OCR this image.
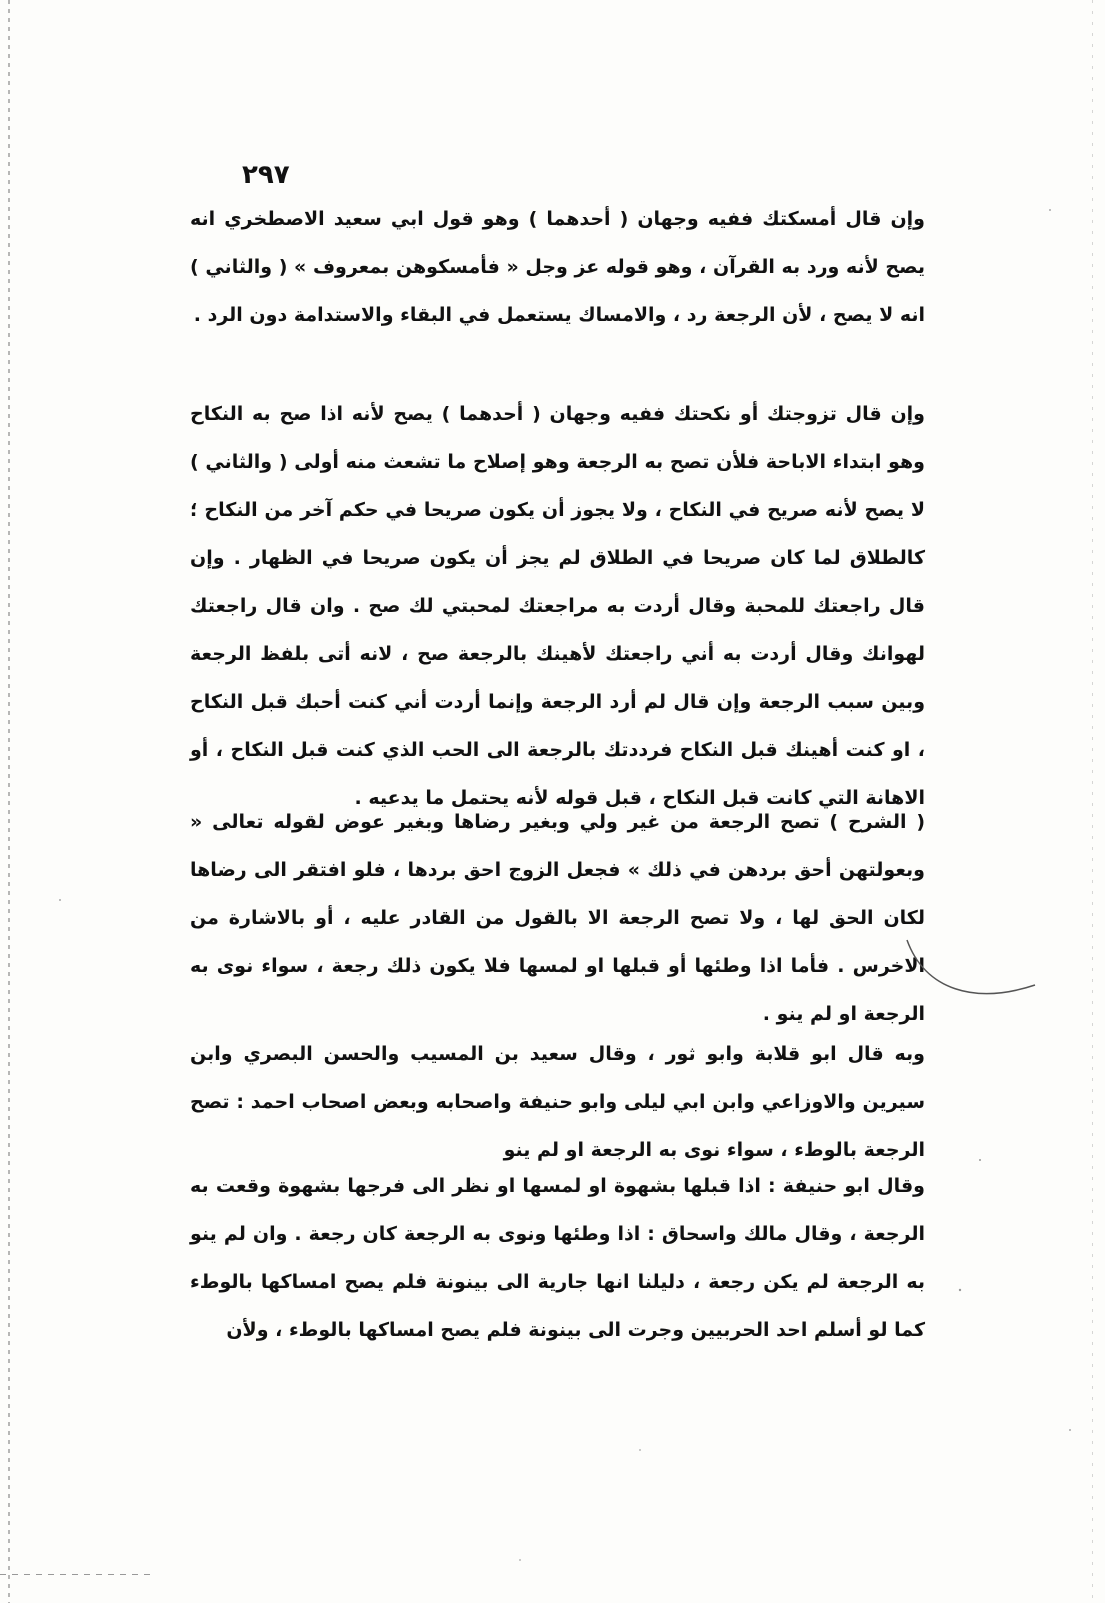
٢٩٧

وإن قال أمسكتك ففيه وجهان ( أحدهما ) وهو قول ابي سعيد الاصطخري انه يصح لأنه ورد به القرآن ، وهو قوله عز وجل « فأمسكوهن بمعروف » ( والثاني ) انه لا يصح ، لأن الرجعة رد ، والامساك يستعمل في البقاء والاستدامة دون الرد .

وإن قال تزوجتك أو نكحتك ففيه وجهان ( أحدهما ) يصح لأنه اذا صح به النكاح وهو ابتداء الاباحة فلأن تصح به الرجعة وهو إصلاح ما تشعث منه أولى ( والثاني ) لا يصح لأنه صريح في النكاح ، ولا يجوز أن يكون صريحا في حكم آخر من النكاح ؛ كالطلاق لما كان صريحا في الطلاق لم يجز أن يكون صريحا في الظهار . وإن قال راجعتك للمحبة وقال أردت به مراجعتك لمحبتي لك صح . وان قال راجعتك لهوانك وقال أردت به أني راجعتك لأهينك بالرجعة صح ، لانه أتى بلفظ الرجعة وبين سبب الرجعة وإن قال لم أرد الرجعة وإنما أردت أني كنت أحبك قبل النكاح ، او كنت أهينك قبل النكاح فرددتك بالرجعة الى الحب الذي كنت قبل النكاح ، أو الاهانة التي كانت قبل النكاح ، قبل قوله لأنه يحتمل ما يدعيه .

( الشرح ) تصح الرجعة من غير ولي وبغير رضاها وبغير عوض لقوله تعالى « وبعولتهن أحق بردهن في ذلك » فجعل الزوج احق بردها ، فلو افتقر الى رضاها لكان الحق لها ، ولا تصح الرجعة الا بالقول من القادر عليه ، أو بالاشارة من الاخرس . فأما اذا وطئها أو قبلها او لمسها فلا يكون ذلك رجعة ، سواء نوى به الرجعة او لم ينو .

وبه قال ابو قلابة وابو ثور ، وقال سعيد بن المسيب والحسن البصري وابن سيرين والاوزاعي وابن ابي ليلى وابو حنيفة واصحابه وبعض اصحاب احمد : تصح الرجعة بالوطء ، سواء نوى به الرجعة او لم ينو

وقال ابو حنيفة : اذا قبلها بشهوة او لمسها او نظر الى فرجها بشهوة وقعت به الرجعة ، وقال مالك واسحاق : اذا وطئها ونوى به الرجعة كان رجعة . وان لم ينو به الرجعة لم يكن رجعة ، دليلنا انها جارية الى بينونة فلم يصح امساكها بالوطء كما لو أسلم احد الحربيين وجرت الى بينونة فلم يصح امساكها بالوطء ، ولأن
